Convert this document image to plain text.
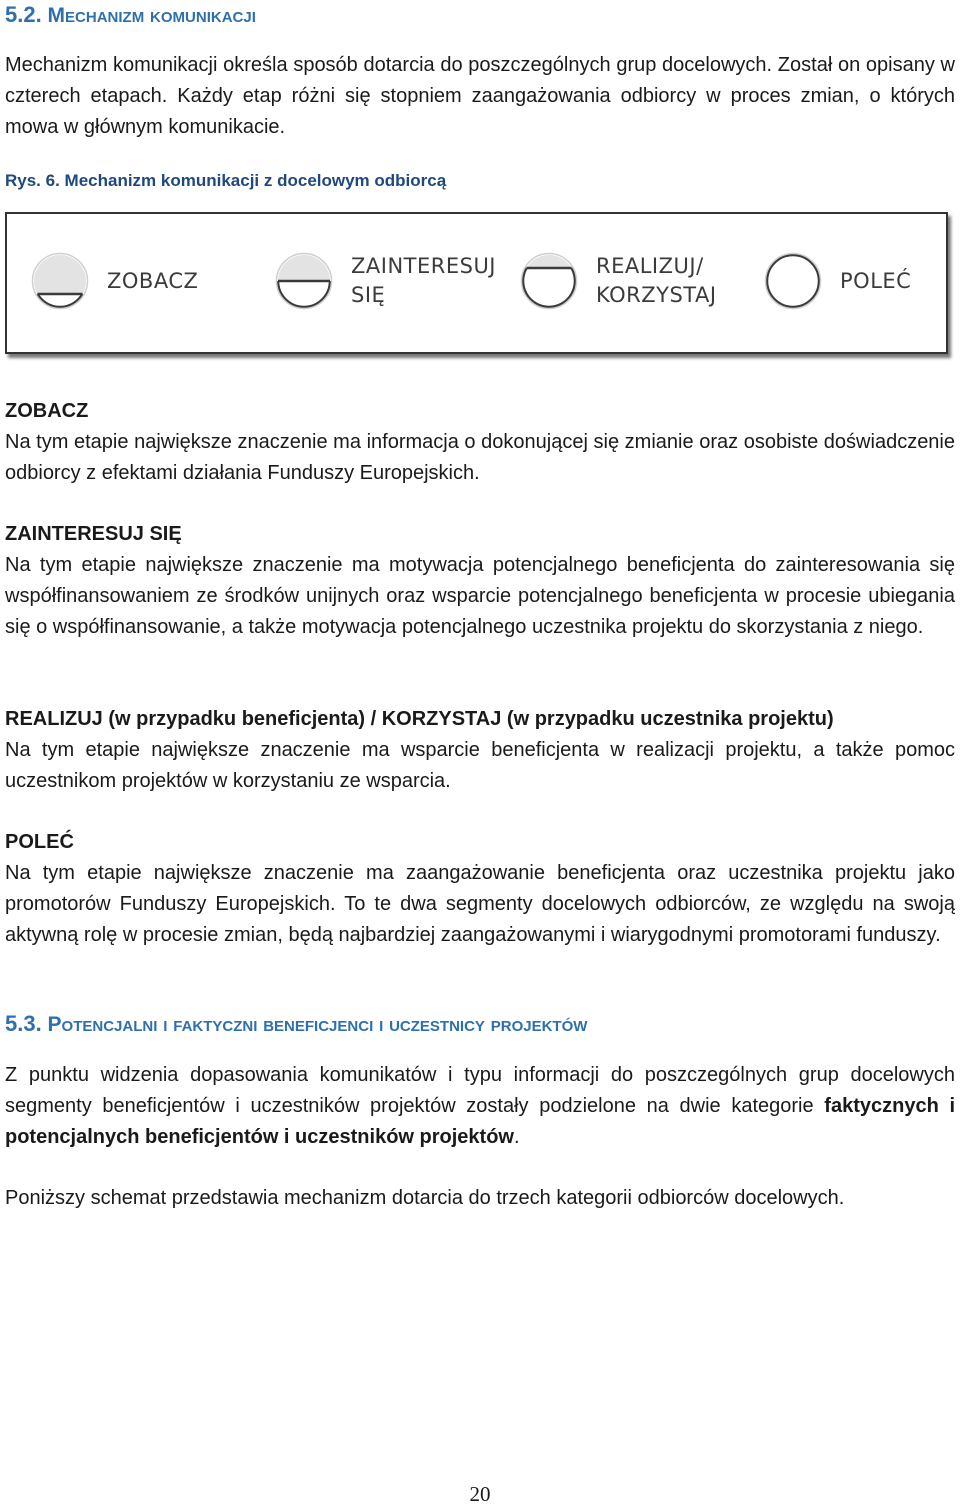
5.2. Mechanizm komunikacji

Mechanizm komunikacji określa sposób dotarcia do poszczególnych grup docelowych. Został on opisany w czterech etapach. Każdy etap różni się stopniem zaangażowania odbiorcy w proces zmian, o których mowa w głównym komunikacie.

Rys. 6. Mechanizm komunikacji z docelowym odbiorcą

ZOBACZ
ZAINTERESUJ
SIĘ
REALIZUJ/
KORZYSTAJ
POLEĆ

ZOBACZ

Na tym etapie największe znaczenie ma informacja o dokonującej się zmianie oraz osobiste doświadczenie odbiorcy z efektami działania Funduszy Europejskich.

ZAINTERESUJ SIĘ

Na tym etapie największe znaczenie ma motywacja potencjalnego beneficjenta do zainteresowania się współfinansowaniem ze środków unijnych oraz wsparcie potencjalnego beneficjenta w procesie ubiegania się o współfinansowanie, a także motywacja potencjalnego uczestnika projektu do skorzystania z niego.

REALIZUJ (w przypadku beneficjenta) / KORZYSTAJ (w przypadku uczestnika projektu)

Na tym etapie największe znaczenie ma wsparcie beneficjenta w realizacji projektu, a także pomoc uczestnikom projektów w korzystaniu ze wsparcia.

POLEĆ

Na tym etapie największe znaczenie ma zaangażowanie beneficjenta oraz uczestnika projektu jako promotorów Funduszy Europejskich. To te dwa segmenty docelowych odbiorców, ze względu na swoją aktywną rolę w procesie zmian, będą najbardziej zaangażowanymi i wiarygodnymi promotorami funduszy.

5.3. Potencjalni i faktyczni beneficjenci i uczestnicy projektów

Z punktu widzenia dopasowania komunikatów i typu informacji do poszczególnych grup docelowych segmenty beneficjentów i uczestników projektów zostały podzielone na dwie kategorie faktycznych i potencjalnych beneficjentów i uczestników projektów.

Poniższy schemat przedstawia mechanizm dotarcia do trzech kategorii odbiorców docelowych.

20
